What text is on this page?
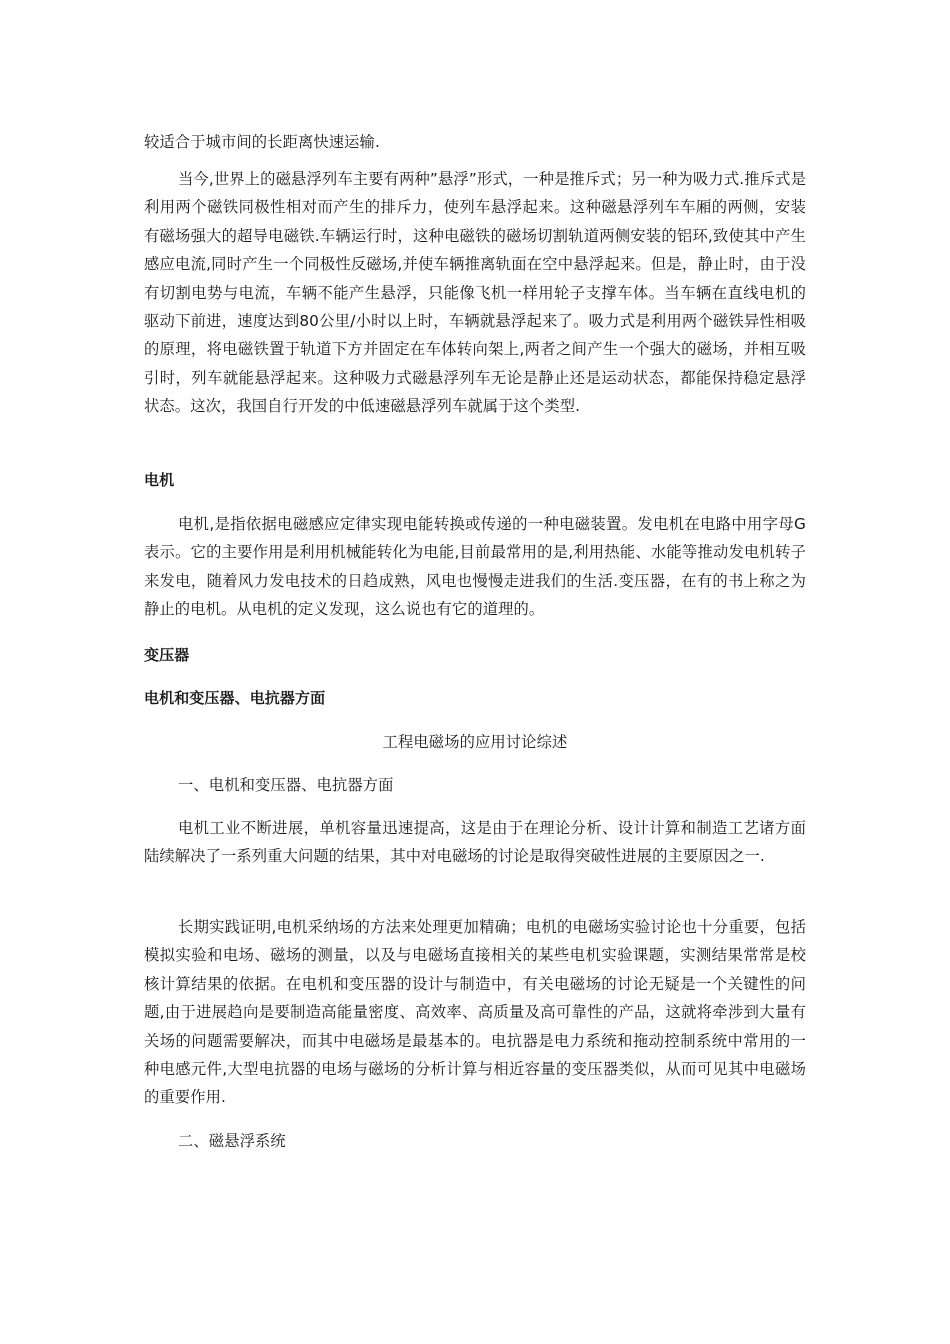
较适合于城市间的长距离快速运输.

当今,世界上的磁悬浮列车主要有两种”悬浮”形式，一种是推斥式；另一种为吸力式.推斥式是利用两个磁铁同极性相对而产生的排斥力，使列车悬浮起来。这种磁悬浮列车车厢的两侧，安装有磁场强大的超导电磁铁.车辆运行时，这种电磁铁的磁场切割轨道两侧安装的铝环,致使其中产生感应电流,同时产生一个同极性反磁场,并使车辆推离轨面在空中悬浮起来。但是，静止时，由于没有切割电势与电流，车辆不能产生悬浮，只能像飞机一样用轮子支撑车体。当车辆在直线电机的驱动下前进，速度达到80公里/小时以上时，车辆就悬浮起来了。吸力式是利用两个磁铁异性相吸的原理，将电磁铁置于轨道下方并固定在车体转向架上,两者之间产生一个强大的磁场，并相互吸引时，列车就能悬浮起来。这种吸力式磁悬浮列车无论是静止还是运动状态，都能保持稳定悬浮状态。这次，我国自行开发的中低速磁悬浮列车就属于这个类型.

电机

电机,是指依据电磁感应定律实现电能转换或传递的一种电磁装置。发电机在电路中用字母G表示。它的主要作用是利用机械能转化为电能,目前最常用的是,利用热能、水能等推动发电机转子来发电，随着风力发电技术的日趋成熟，风电也慢慢走进我们的生活.变压器，在有的书上称之为静止的电机。从电机的定义发现，这么说也有它的道理的。

变压器

电机和变压器、电抗器方面

工程电磁场的应用讨论综述

一、电机和变压器、电抗器方面

电机工业不断进展，单机容量迅速提高，这是由于在理论分析、设计计算和制造工艺诸方面陆续解决了一系列重大问题的结果，其中对电磁场的讨论是取得突破性进展的主要原因之一.

长期实践证明,电机采纳场的方法来处理更加精确；电机的电磁场实验讨论也十分重要，包括模拟实验和电场、磁场的测量，以及与电磁场直接相关的某些电机实验课题，实测结果常常是校核计算结果的依据。在电机和变压器的设计与制造中，有关电磁场的讨论无疑是一个关键性的问题,由于进展趋向是要制造高能量密度、高效率、高质量及高可靠性的产品，这就将牵涉到大量有关场的问题需要解决，而其中电磁场是最基本的。电抗器是电力系统和拖动控制系统中常用的一种电感元件,大型电抗器的电场与磁场的分析计算与相近容量的变压器类似，从而可见其中电磁场的重要作用.

二、磁悬浮系统
